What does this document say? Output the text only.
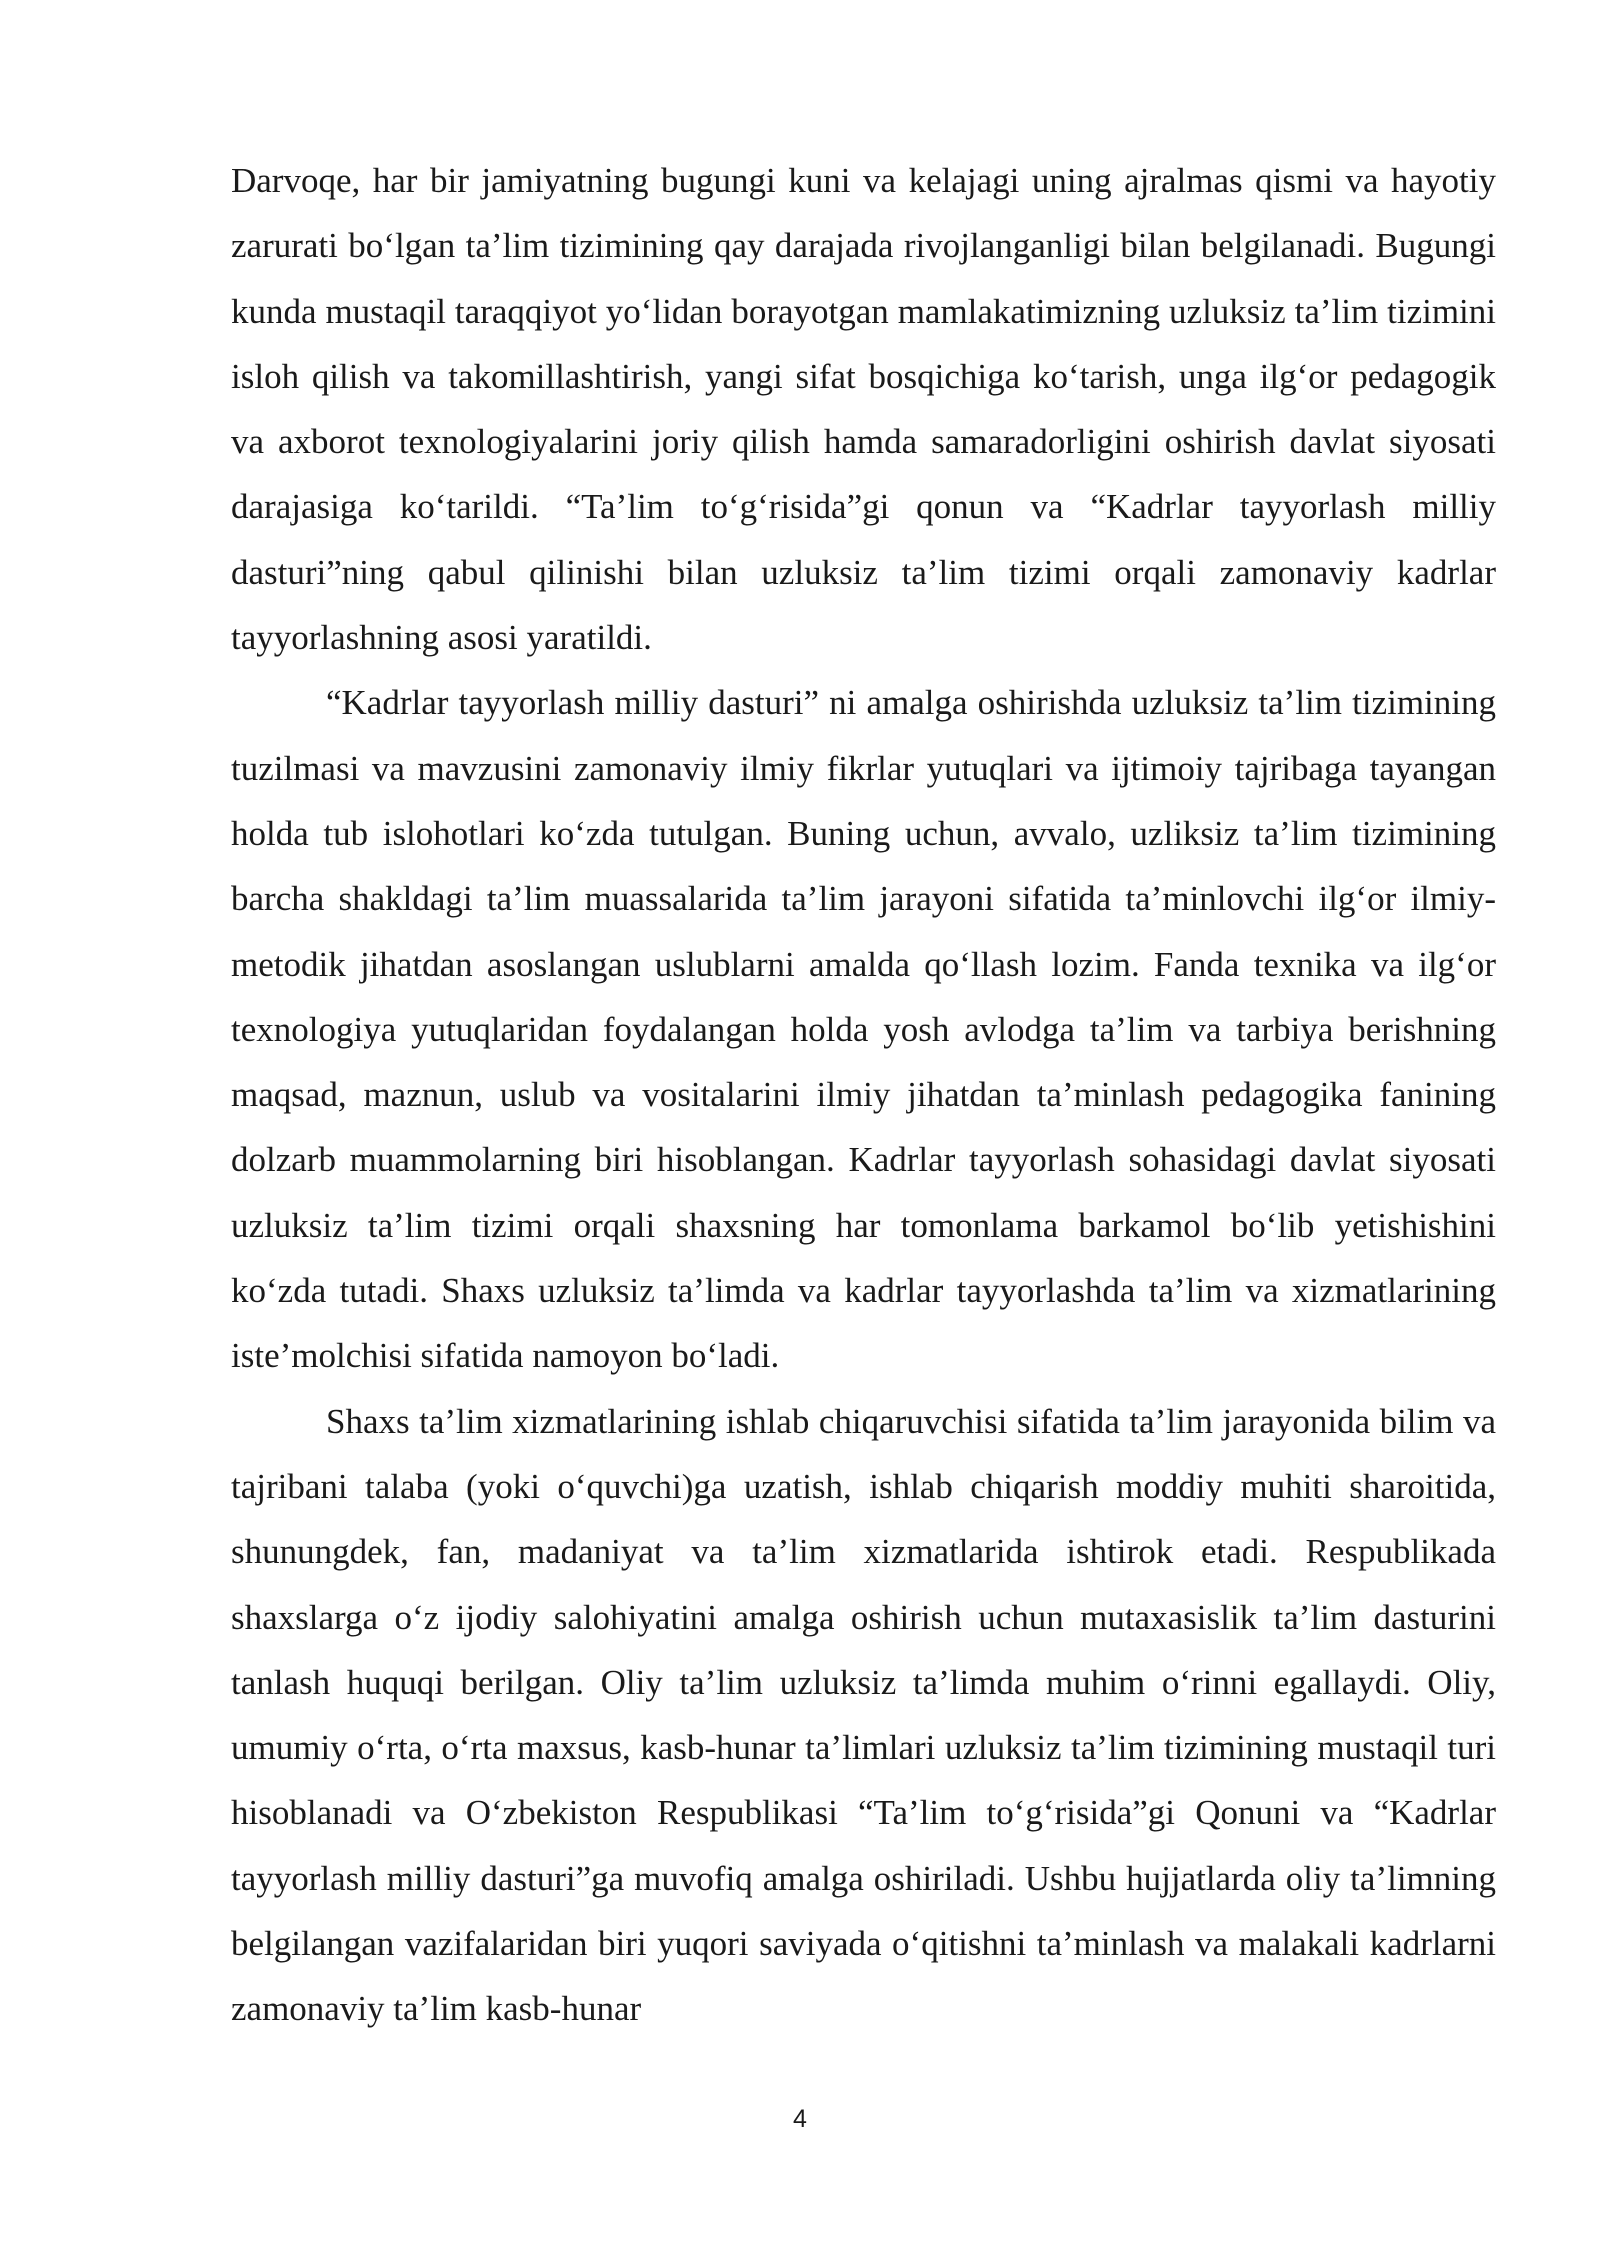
Darvoqe, har bir jamiyatning bugungi kuni va kelajagi uning ajralmas qismi va hayotiy zarurati bo‘lgan ta’lim tizimining qay darajada rivojlanganligi bilan belgilanadi. Bugungi kunda mustaqil taraqqiyot yo‘lidan borayotgan mamlakatimizning uzluksiz ta’lim tizimini isloh qilish va takomillashtirish, yangi sifat bosqichiga ko‘tarish, unga ilg‘or pedagogik va axborot texnologiyalarini joriy qilish hamda samaradorligini oshirish davlat siyosati darajasiga ko‘tarildi. “Ta’lim to‘g‘risida”gi qonun va “Kadrlar tayyorlash milliy dasturi”ning qabul qilinishi bilan uzluksiz ta’lim tizimi orqali zamonaviy kadrlar tayyorlashning asosi yaratildi.

“Kadrlar tayyorlash milliy dasturi” ni amalga oshirishda uzluksiz ta’lim tizimining tuzilmasi va mavzusini zamonaviy ilmiy fikrlar yutuqlari va ijtimoiy tajribaga tayangan holda tub islohotlari ko‘zda tutulgan. Buning uchun, avvalo, uzliksiz ta’lim tizimining barcha shakldagi ta’lim muassalarida ta’lim jarayoni sifatida ta’minlovchi ilg‘or ilmiy-metodik jihatdan asoslangan uslublarni amalda qo‘llash lozim. Fanda texnika va ilg‘or texnologiya yutuqlaridan foydalangan holda yosh avlodga ta’lim va tarbiya berishning maqsad, maznun, uslub va vositalarini ilmiy jihatdan ta’minlash pedagogika fanining dolzarb muammolarning biri hisoblangan. Kadrlar tayyorlash sohasidagi davlat siyosati uzluksiz ta’lim tizimi orqali shaxsning har tomonlama barkamol bo‘lib yetishishini ko‘zda tutadi. Shaxs uzluksiz ta’limda va kadrlar tayyorlashda ta’lim va xizmatlarining iste’molchisi sifatida namoyon bo‘ladi.

Shaxs ta’lim xizmatlarining ishlab chiqaruvchisi sifatida ta’lim jarayonida bilim va tajribani talaba (yoki o‘quvchi)ga uzatish, ishlab chiqarish moddiy muhiti sharoitida, shunungdek, fan, madaniyat va ta’lim xizmatlarida ishtirok etadi. Respublikada shaxslarga o‘z ijodiy salohiyatini amalga oshirish uchun mutaxasislik ta’lim dasturini tanlash huquqi berilgan. Oliy ta’lim uzluksiz ta’limda muhim o‘rinni egallaydi. Oliy, umumiy o‘rta, o‘rta maxsus, kasb-hunar ta’limlari uzluksiz ta’lim tizimining mustaqil turi hisoblanadi va O‘zbekiston Respublikasi “Ta’lim to‘g‘risida”gi Qonuni va “Kadrlar tayyorlash milliy dasturi”ga muvofiq amalga oshiriladi. Ushbu hujjatlarda oliy ta’limning belgilangan vazifalaridan biri yuqori saviyada o‘qitishni ta’minlash va malakali kadrlarni zamonaviy ta’lim kasb-hunar

4
